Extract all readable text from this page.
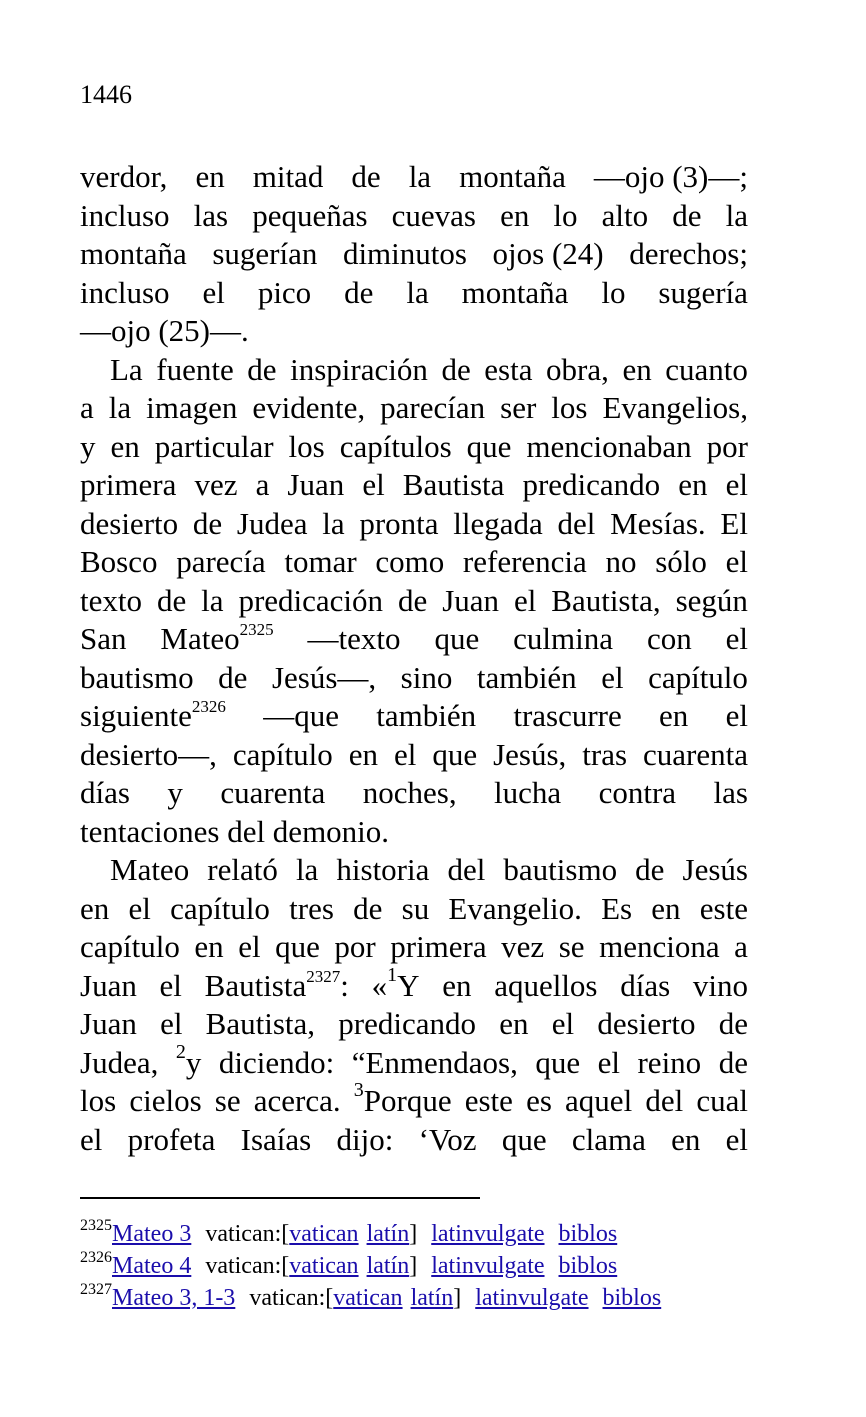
1446
verdor, en mitad de la montaña —ojo (3)—;
incluso las pequeñas cuevas en lo alto de la
montaña sugerían diminutos ojos (24) derechos;
incluso el pico de la montaña lo sugería
—ojo (25)—.
La fuente de inspiración de esta obra, en cuanto
a la imagen evidente, parecían ser los Evangelios,
y en particular los capítulos que mencionaban por
primera vez a Juan el Bautista predicando en el
desierto de Judea la pronta llegada del Mesías. El
Bosco parecía tomar como referencia no sólo el
texto de la predicación de Juan el Bautista, según
San Mateo$^{2325}$ —texto que culmina con el
bautismo de Jesús—, sino también el capítulo
siguiente$^{2326}$ —que también trascurre en el
desierto—, capítulo en el que Jesús, tras cuarenta
días y cuarenta noches, lucha contra las
tentaciones del demonio.
Mateo relató la historia del bautismo de Jesús
en el capítulo tres de su Evangelio. Es en este
capítulo en el que por primera vez se menciona a
Juan el Bautista$^{2327}$: «$^1$Y en aquellos días vino
Juan el Bautista, predicando en el desierto de
Judea, $^2$y diciendo: “Enmendaos, que el reino de
los cielos se acerca. $^3$Porque este es aquel del cual
el profeta Isaías dijo: ‘Voz que clama en el
$^{2325}$Mateo 3 vatican:[vatican latín] latinvulgate biblos
$^{2326}$Mateo 4 vatican:[vatican latín] latinvulgate biblos
$^{2327}$Mateo 3, 1-3 vatican:[vatican latín] latinvulgate biblos
